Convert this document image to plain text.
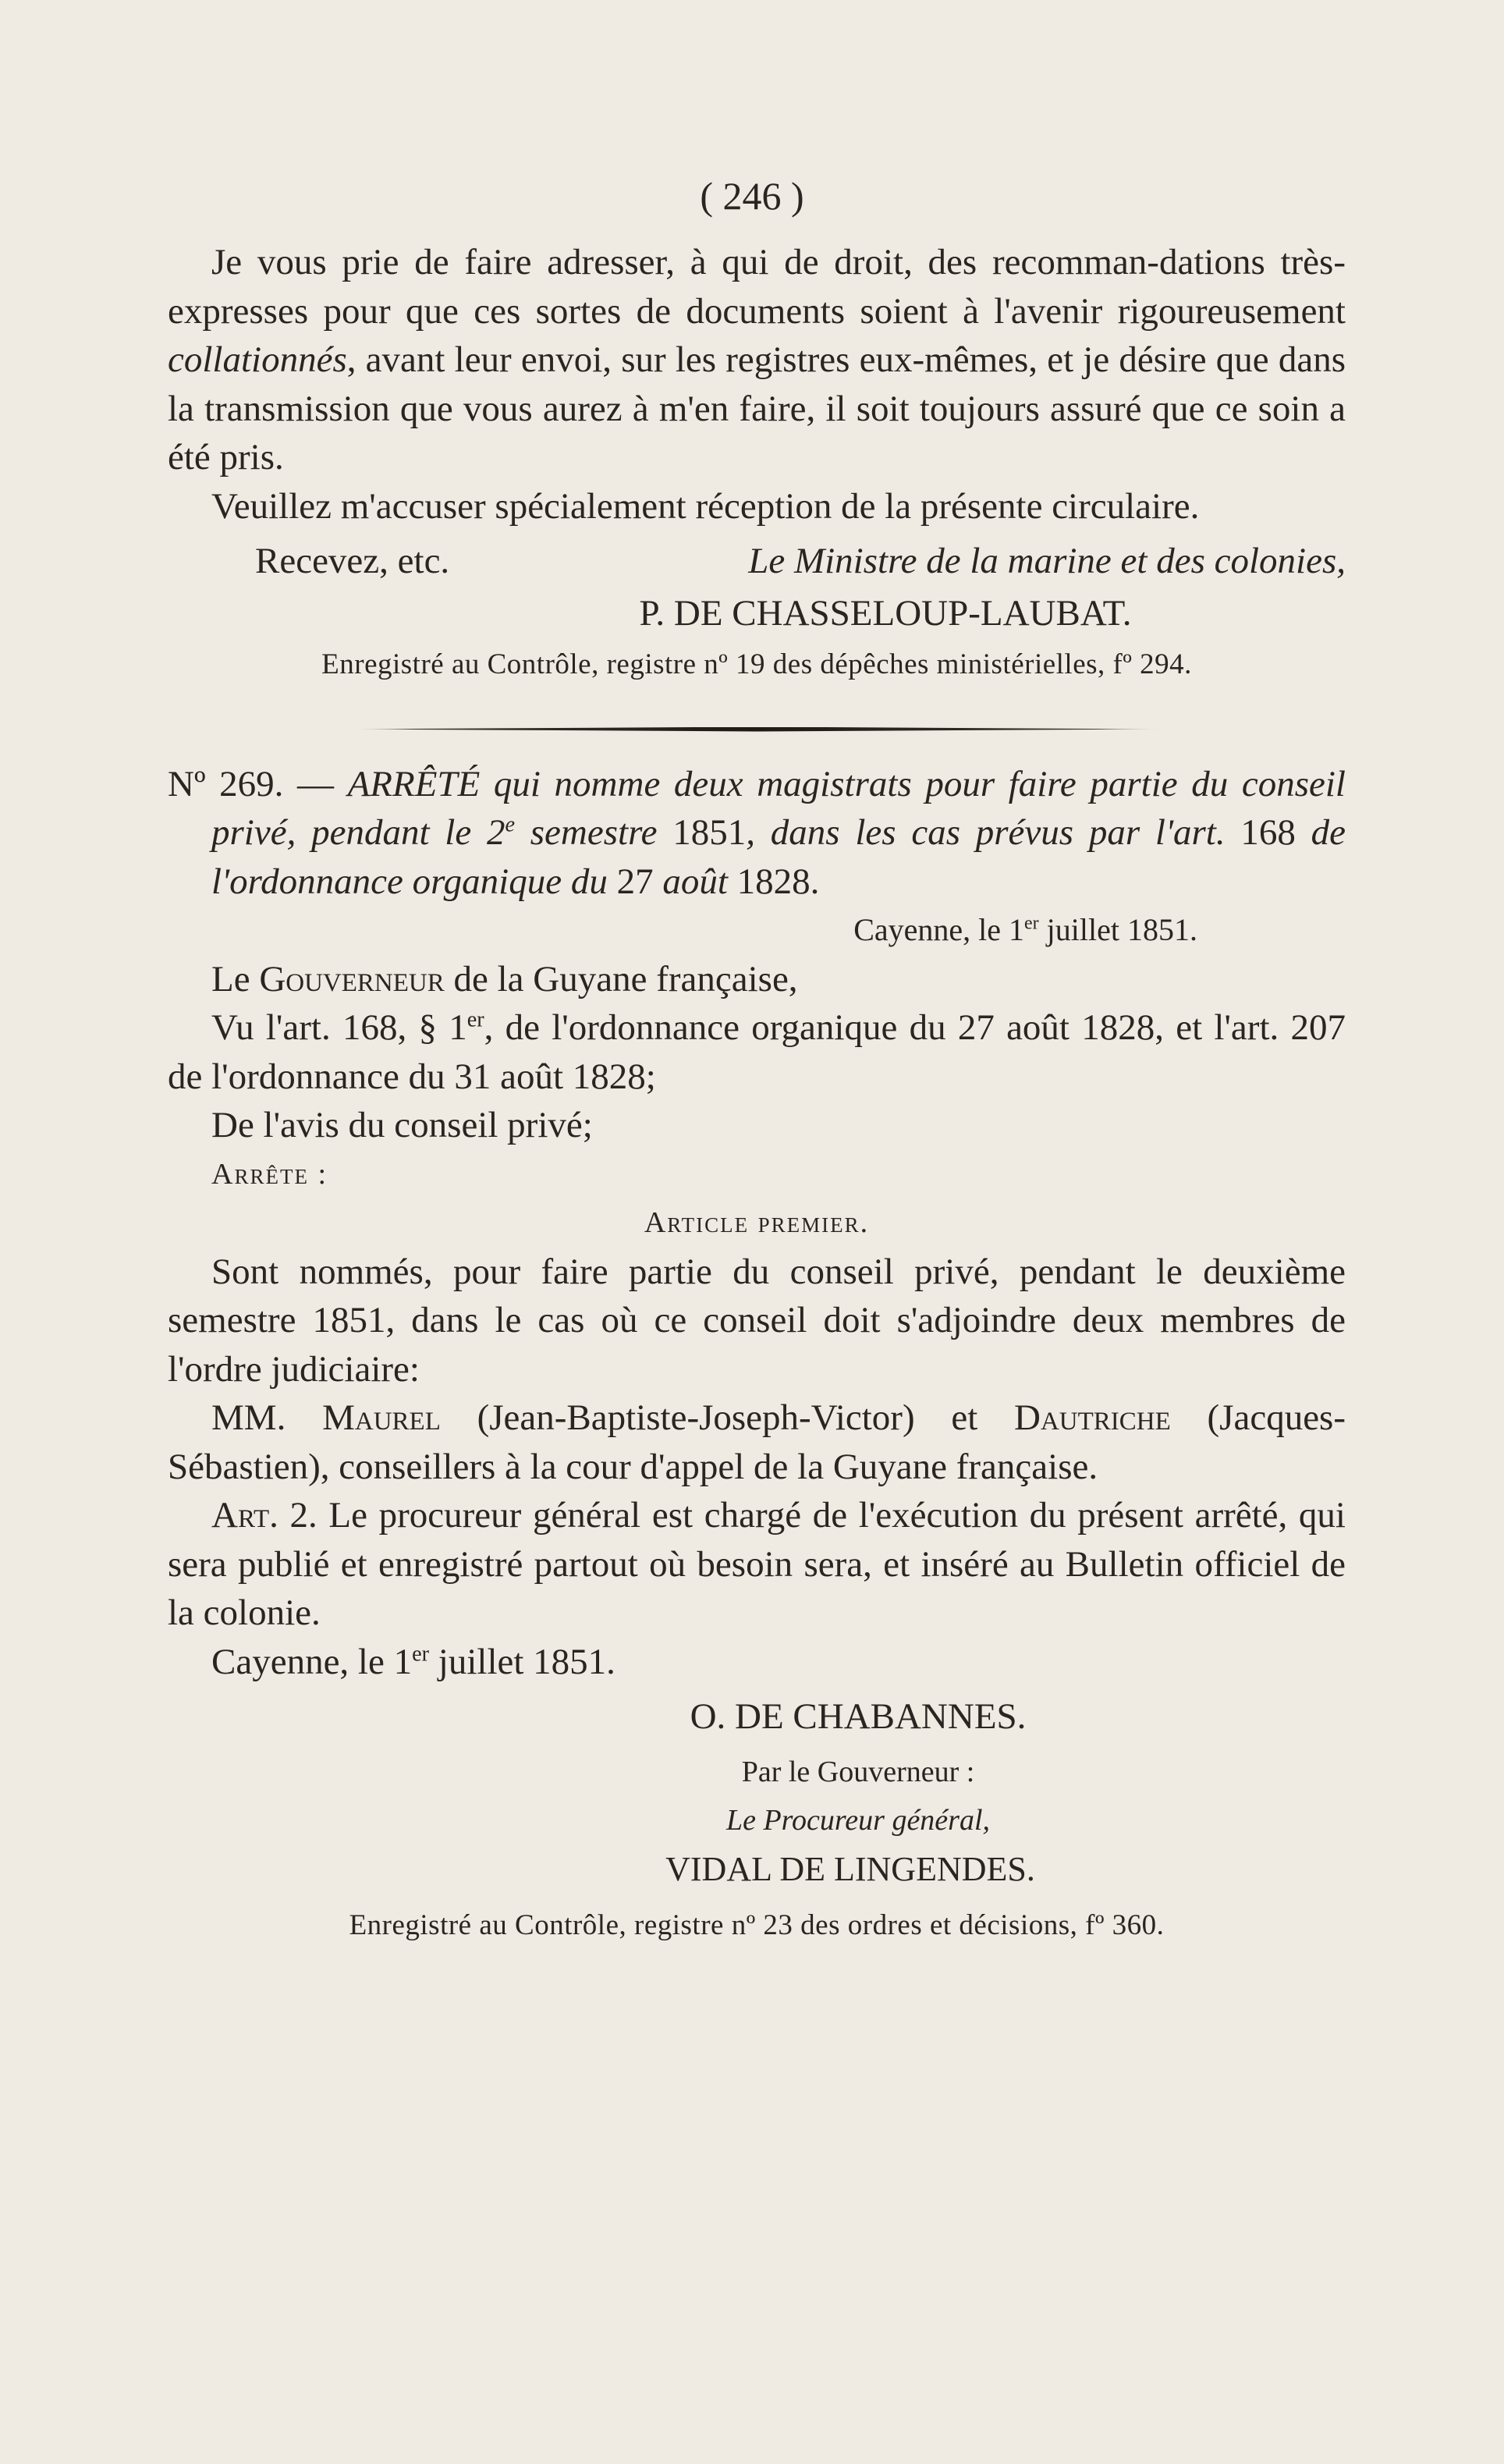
( 246 )

Je vous prie de faire adresser, à qui de droit, des recomman-dations très-expresses pour que ces sortes de documents soient à l'avenir rigoureusement collationnés, avant leur envoi, sur les registres eux-mêmes, et je désire que dans la transmission que vous aurez à m'en faire, il soit toujours assuré que ce soin a été pris.

Veuillez m'accuser spécialement réception de la présente circulaire.

Recevez, etc.	Le Ministre de la marine et des colonies,

P. DE CHASSELOUP-LAUBAT.

Enregistré au Contrôle, registre nº 19 des dépêches ministérielles, fº 294.

Nº 269. — ARRÊTÉ qui nomme deux magistrats pour faire partie du conseil privé, pendant le 2e semestre 1851, dans les cas prévus par l'art. 168 de l'ordonnance organique du 27 août 1828.

Cayenne, le 1er juillet 1851.

Le Gouverneur de la Guyane française,

Vu l'art. 168, § 1er, de l'ordonnance organique du 27 août 1828, et l'art. 207 de l'ordonnance du 31 août 1828;

De l'avis du conseil privé;

Arrête :

Article premier.

Sont nommés, pour faire partie du conseil privé, pendant le deuxième semestre 1851, dans le cas où ce conseil doit s'adjoindre deux membres de l'ordre judiciaire:

MM. Maurel (Jean-Baptiste-Joseph-Victor) et Dautriche (Jacques-Sébastien), conseillers à la cour d'appel de la Guyane française.

Art. 2. Le procureur général est chargé de l'exécution du présent arrêté, qui sera publié et enregistré partout où besoin sera, et inséré au Bulletin officiel de la colonie.

Cayenne, le 1er juillet 1851.

O. DE CHABANNES.

Par le Gouverneur :

Le Procureur général,

VIDAL DE LINGENDES.

Enregistré au Contrôle, registre nº 23 des ordres et décisions, fº 360.
